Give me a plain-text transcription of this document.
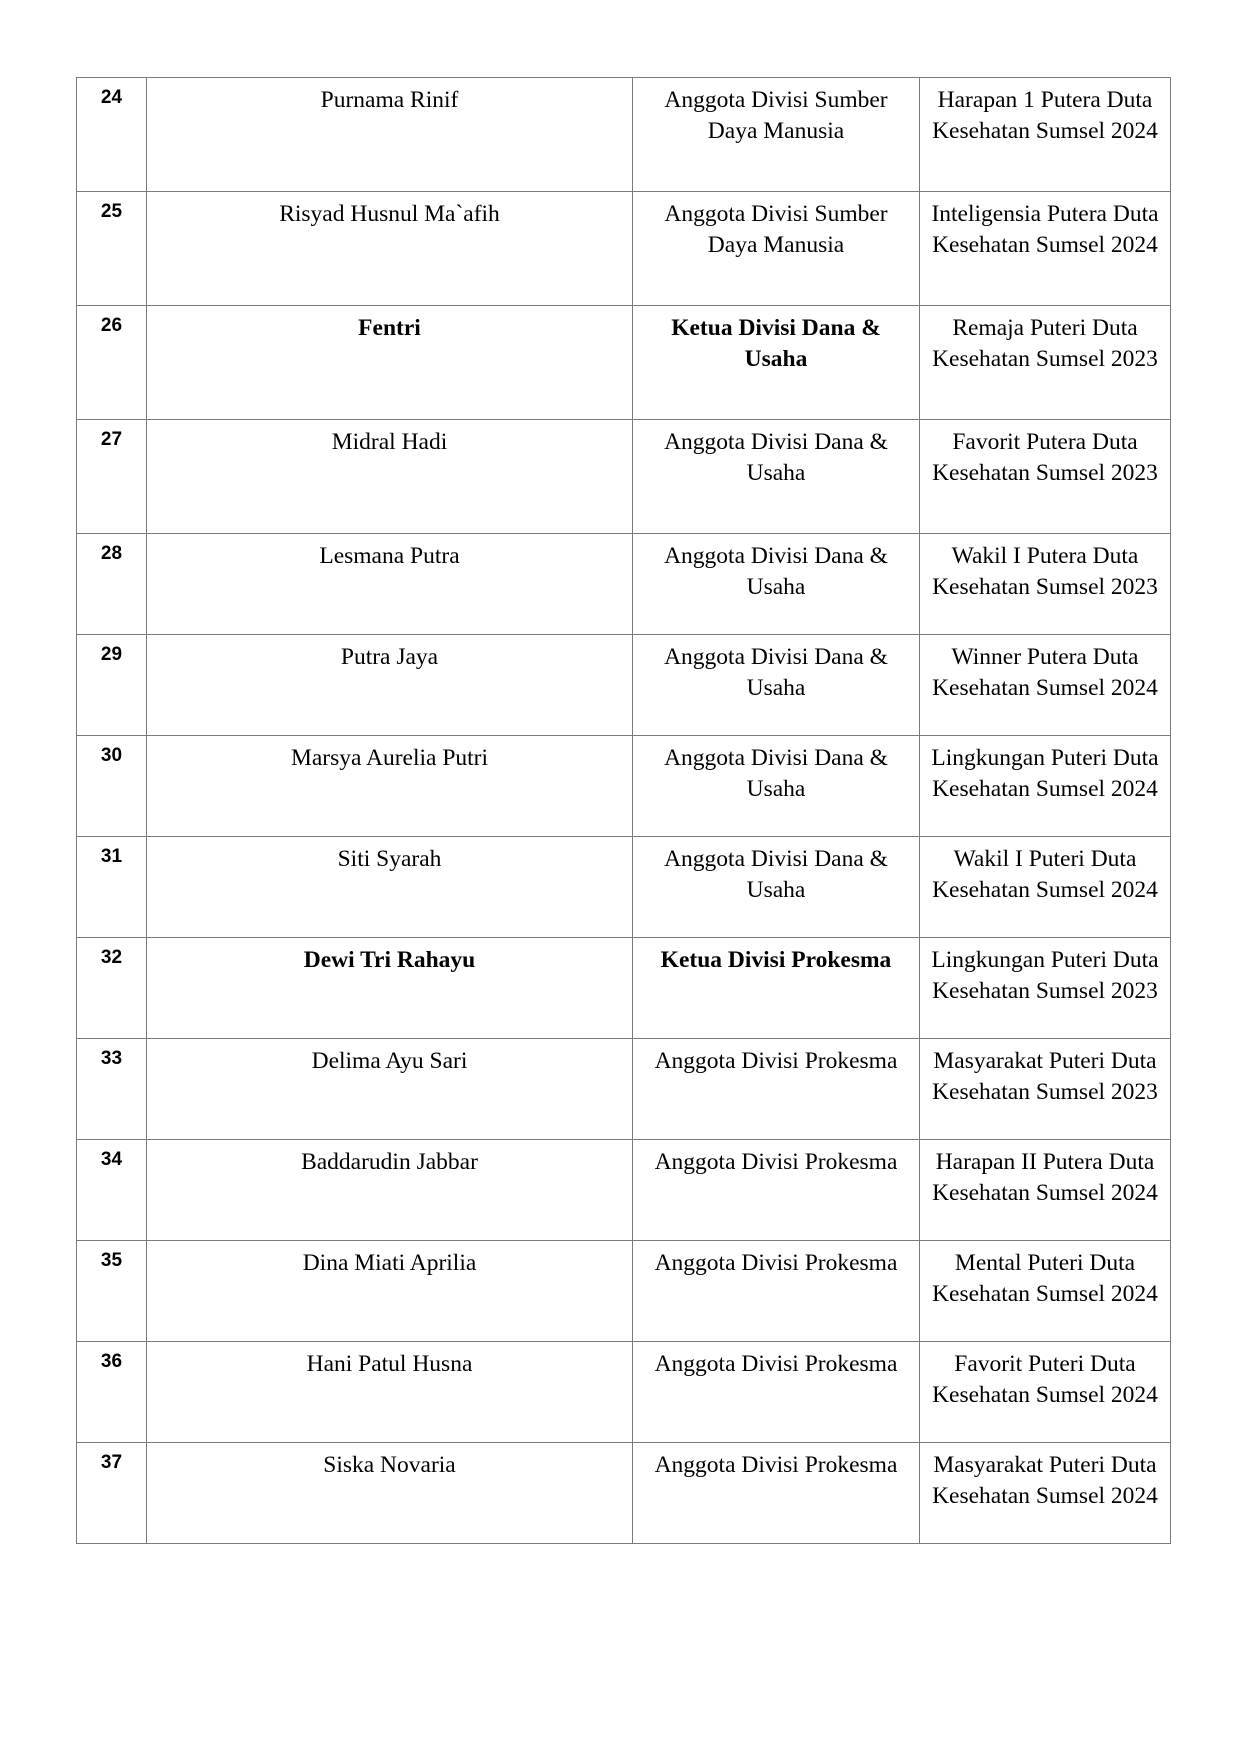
24	Purnama Rinif	Anggota Divisi Sumber Daya Manusia	Harapan 1 Putera Duta Kesehatan Sumsel 2024
25	Risyad Husnul Ma`afih	Anggota Divisi Sumber Daya Manusia	Inteligensia Putera Duta Kesehatan Sumsel 2024
26	Fentri	Ketua Divisi Dana & Usaha	Remaja Puteri Duta Kesehatan Sumsel 2023
27	Midral Hadi	Anggota Divisi Dana & Usaha	Favorit Putera Duta Kesehatan Sumsel 2023
28	Lesmana Putra	Anggota Divisi Dana & Usaha	Wakil I Putera Duta Kesehatan Sumsel 2023
29	Putra Jaya	Anggota Divisi Dana & Usaha	Winner Putera Duta Kesehatan Sumsel 2024
30	Marsya Aurelia Putri	Anggota Divisi Dana & Usaha	Lingkungan Puteri Duta Kesehatan Sumsel 2024
31	Siti Syarah	Anggota Divisi Dana & Usaha	Wakil I Puteri Duta Kesehatan Sumsel 2024
32	Dewi Tri Rahayu	Ketua Divisi Prokesma	Lingkungan Puteri Duta Kesehatan Sumsel 2023
33	Delima Ayu Sari	Anggota Divisi Prokesma	Masyarakat Puteri Duta Kesehatan Sumsel 2023
34	Baddarudin Jabbar	Anggota Divisi Prokesma	Harapan II Putera Duta Kesehatan Sumsel 2024
35	Dina Miati Aprilia	Anggota Divisi Prokesma	Mental Puteri Duta Kesehatan Sumsel 2024
36	Hani Patul Husna	Anggota Divisi Prokesma	Favorit Puteri Duta Kesehatan Sumsel 2024
37	Siska Novaria	Anggota Divisi Prokesma	Masyarakat Puteri Duta Kesehatan Sumsel 2024
